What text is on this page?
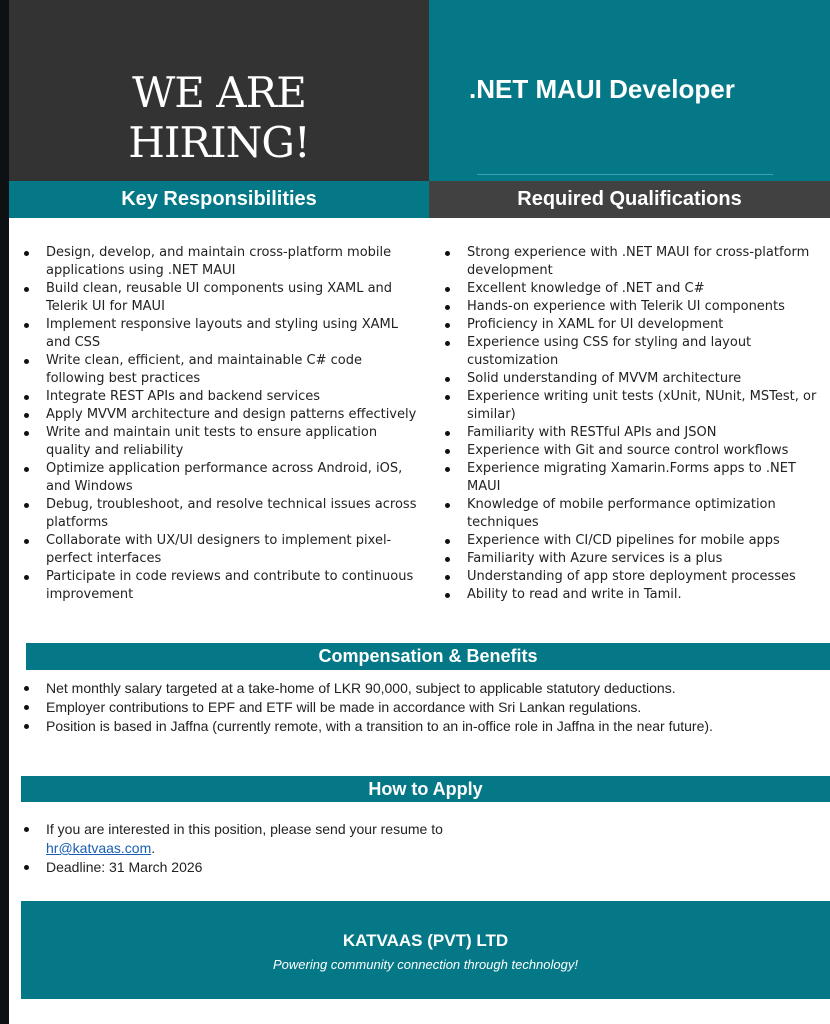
WE ARE
HIRING!
.NET MAUI Developer
Key Responsibilities	Required Qualifications
Design, develop, and maintain cross-platform mobile applications using .NET MAUI
Build clean, reusable UI components using XAML and Telerik UI for MAUI
Implement responsive layouts and styling using XAML and CSS
Write clean, efficient, and maintainable C# code following best practices
Integrate REST APIs and backend services
Apply MVVM architecture and design patterns effectively
Write and maintain unit tests to ensure application quality and reliability
Optimize application performance across Android, iOS, and Windows
Debug, troubleshoot, and resolve technical issues across platforms
Collaborate with UX/UI designers to implement pixel-perfect interfaces
Participate in code reviews and contribute to continuous improvement
Strong experience with .NET MAUI for cross-platform development
Excellent knowledge of .NET and C#
Hands-on experience with Telerik UI components
Proficiency in XAML for UI development
Experience using CSS for styling and layout customization
Solid understanding of MVVM architecture
Experience writing unit tests (xUnit, NUnit, MSTest, or similar)
Familiarity with RESTful APIs and JSON
Experience with Git and source control workflows
Experience migrating Xamarin.Forms apps to .NET MAUI
Knowledge of mobile performance optimization techniques
Experience with CI/CD pipelines for mobile apps
Familiarity with Azure services is a plus
Understanding of app store deployment processes
Ability to read and write in Tamil.
Compensation & Benefits
Net monthly salary targeted at a take-home of LKR 90,000, subject to applicable statutory deductions.
Employer contributions to EPF and ETF will be made in accordance with Sri Lankan regulations.
Position is based in Jaffna (currently remote, with a transition to an in-office role in Jaffna in the near future).
How to Apply
If you are interested in this position, please send your resume to
hr@katvaas.com.
Deadline: 31 March 2026
KATVAAS (PVT) LTD
Powering community connection through technology!
